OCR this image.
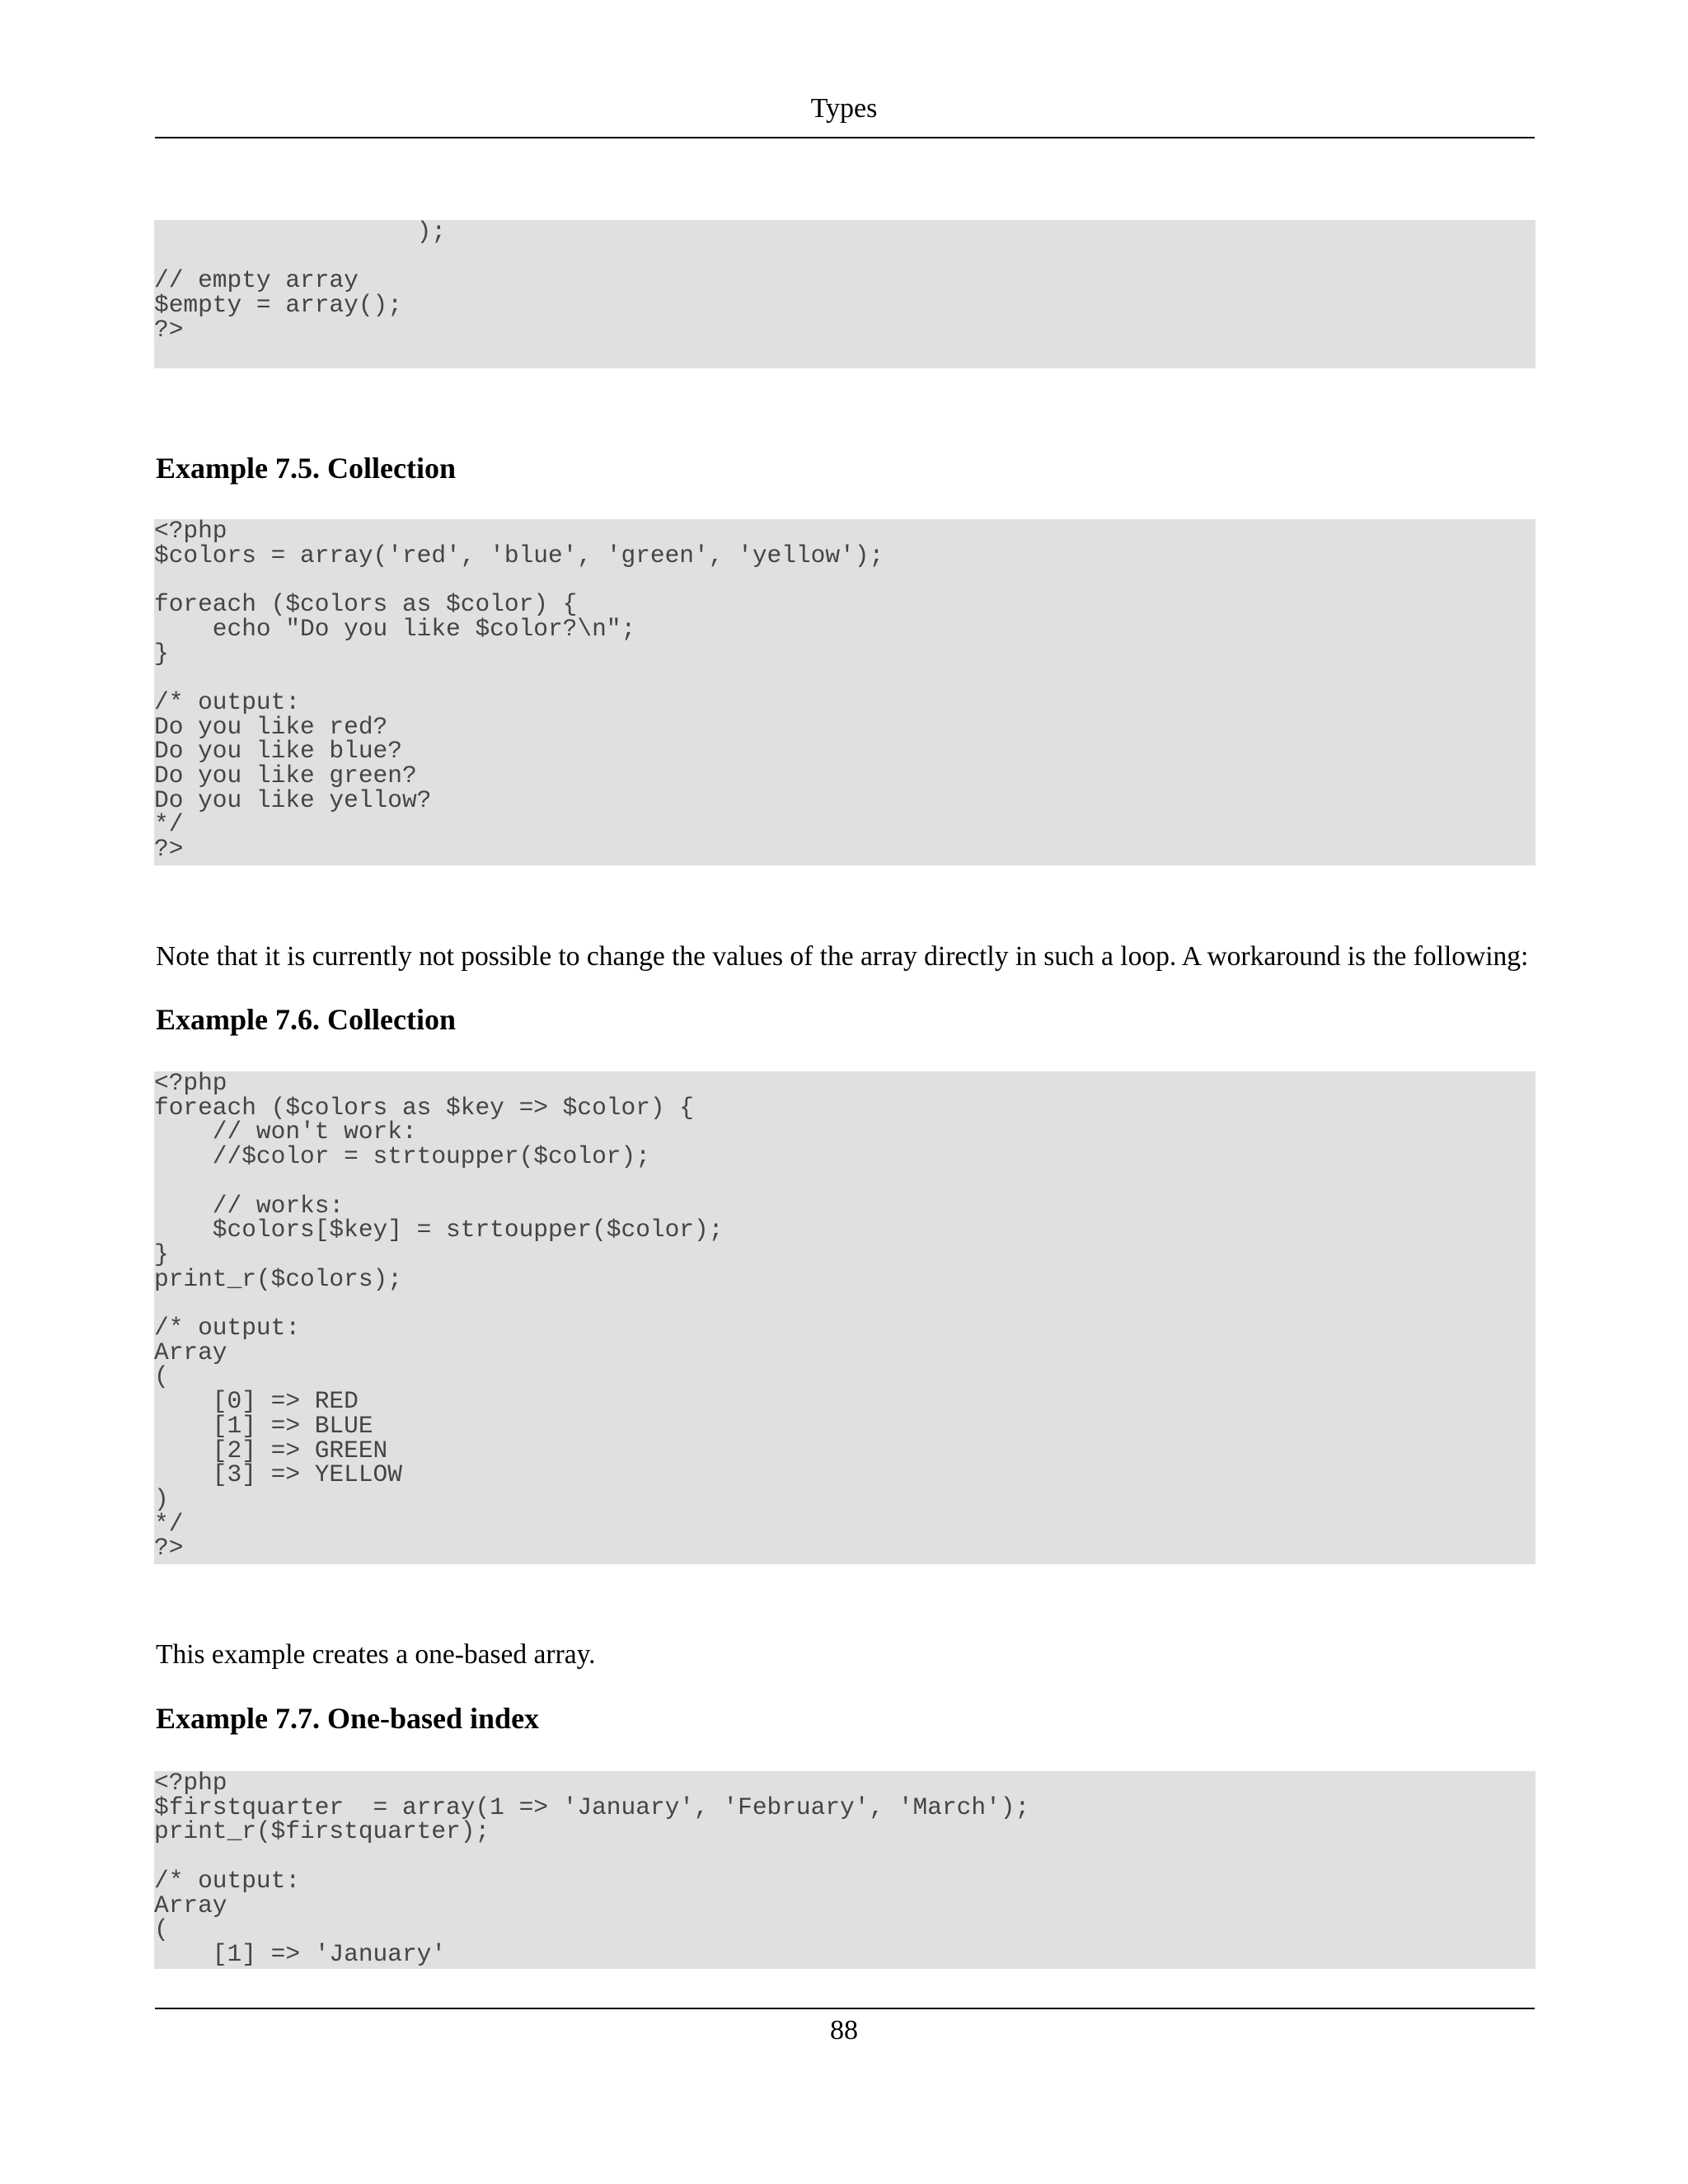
Types
);

// empty array
$empty = array();
?>
Example 7.5. Collection
<?php
$colors = array('red', 'blue', 'green', 'yellow');

foreach ($colors as $color) {
echo "Do you like $color?\n";
}

/* output:
Do you like red?
Do you like blue?
Do you like green?
Do you like yellow?
*/
?>

Note that it is currently not possible to change the values of the array directly in such a loop. A workaround is the following:

Example 7.6. Collection
<?php
foreach ($colors as $key => $color) {
// won't work:
//$color = strtoupper($color);

// works:
$colors[$key] = strtoupper($color);
}
print_r($colors);

/* output:
Array
(
[0] => RED
[1] => BLUE
[2] => GREEN
[3] => YELLOW
)
*/
?>

This example creates a one-based array.

Example 7.7. One-based index
<?php
$firstquarter  = array(1 => 'January', 'February', 'March');
print_r($firstquarter);

/* output:
Array
(
[1] => 'January'
88
